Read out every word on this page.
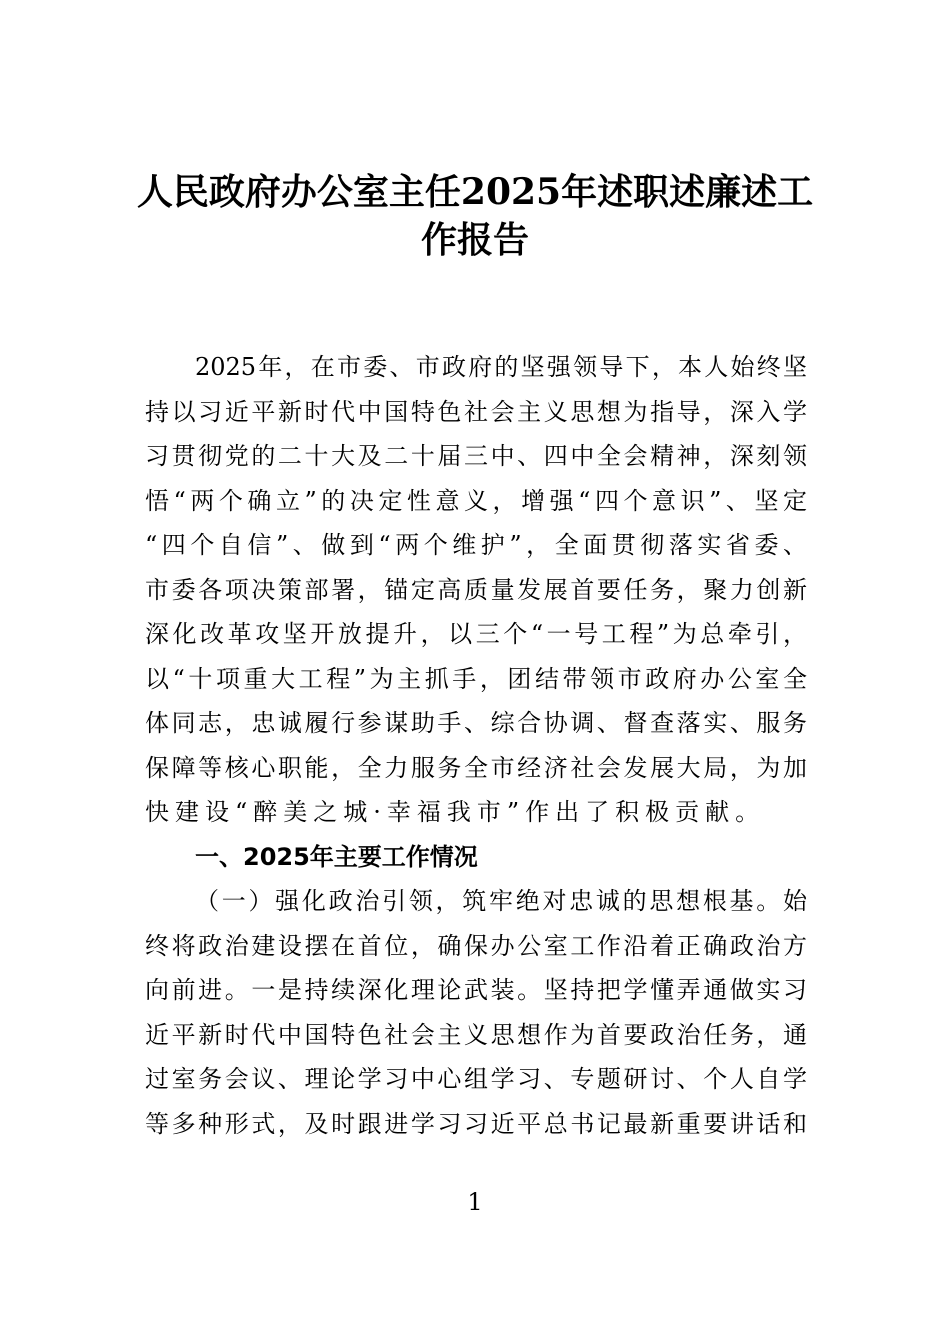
人民政府办公室主任2025年述职述廉述工
作报告
2025年，在市委、市政府的坚强领导下，本人始终坚
持以习近平新时代中国特色社会主义思想为指导，深入学
习贯彻党的二十大及二十届三中、四中全会精神，深刻领
悟“两个确立”的决定性意义，增强“四个意识”、坚定
“四个自信”、做到“两个维护”，全面贯彻落实省委、
市委各项决策部署，锚定高质量发展首要任务，聚力创新
深化改革攻坚开放提升，以三个“一号工程”为总牵引，
以“十项重大工程”为主抓手，团结带领市政府办公室全
体同志，忠诚履行参谋助手、综合协调、督查落实、服务
保障等核心职能，全力服务全市经济社会发展大局，为加
快建设“醉美之城·幸福我市”作出了积极贡献。
一、2025年主要工作情况
（一）强化政治引领，筑牢绝对忠诚的思想根基。始
终将政治建设摆在首位，确保办公室工作沿着正确政治方
向前进。一是持续深化理论武装。坚持把学懂弄通做实习
近平新时代中国特色社会主义思想作为首要政治任务，通
过室务会议、理论学习中心组学习、专题研讨、个人自学
等多种形式，及时跟进学习习近平总书记最新重要讲话和
1
